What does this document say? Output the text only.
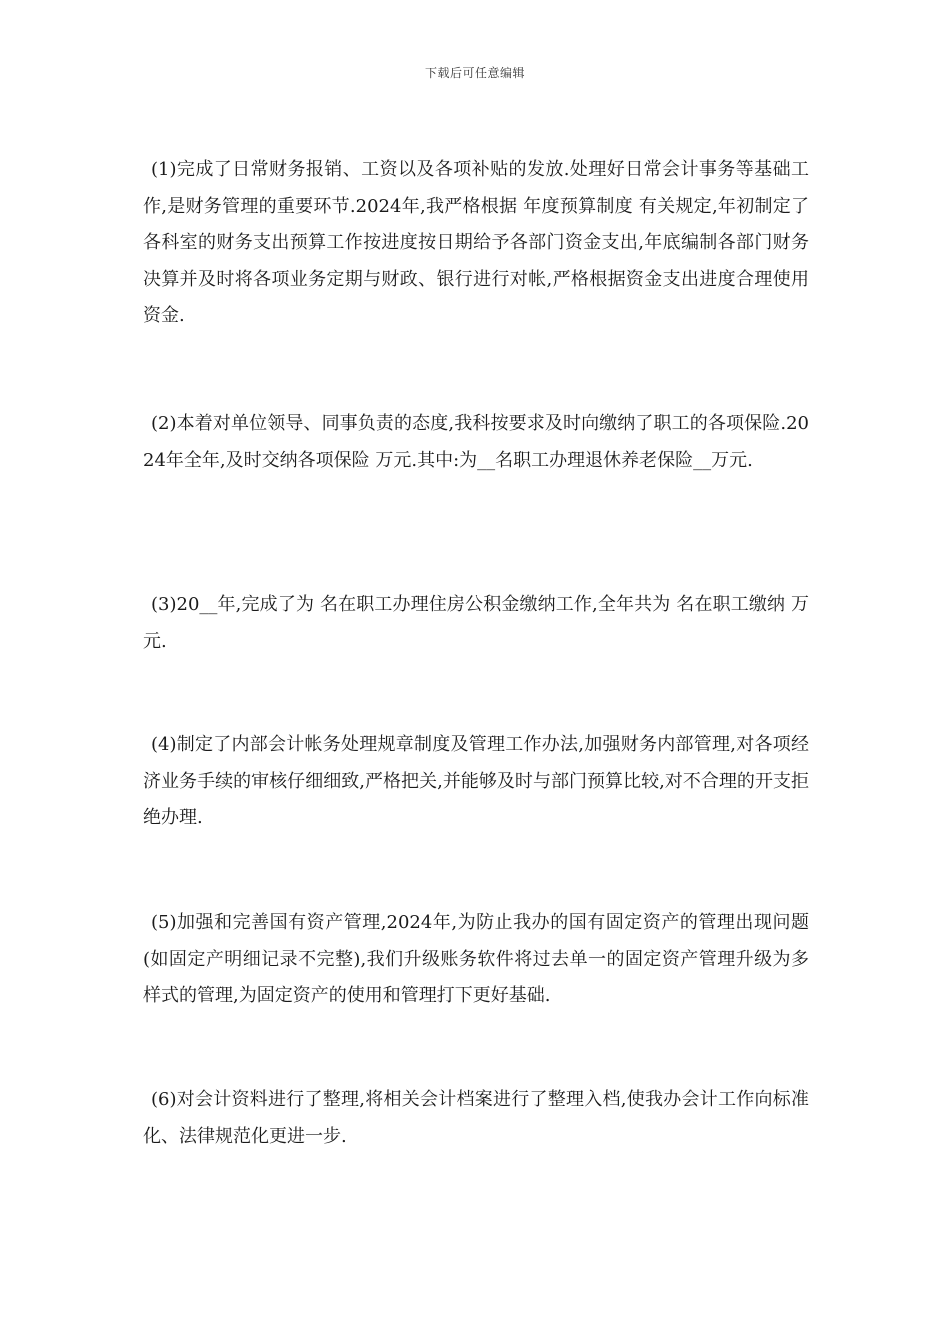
下载后可任意编辑

(1)完成了日常财务报销、工资以及各项补贴的发放.处理好日常会计事务等基础工作,是财务管理的重要环节.2024年,我严格根据 年度预算制度 有关规定,年初制定了各科室的财务支出预算工作按进度按日期给予各部门资金支出,年底编制各部门财务决算并及时将各项业务定期与财政、银行进行对帐,严格根据资金支出进度合理使用资金.

(2)本着对单位领导、同事负责的态度,我科按要求及时向缴纳了职工的各项保险.2024年全年,及时交纳各项保险 万元.其中:为__名职工办理退休养老保险__万元.

(3)20__年,完成了为 名在职工办理住房公积金缴纳工作,全年共为 名在职工缴纳 万元.

(4)制定了内部会计帐务处理规章制度及管理工作办法,加强财务内部管理,对各项经济业务手续的审核仔细细致,严格把关,并能够及时与部门预算比较,对不合理的开支拒绝办理.

(5)加强和完善国有资产管理,2024年,为防止我办的国有固定资产的管理出现问题(如固定产明细记录不完整),我们升级账务软件将过去单一的固定资产管理升级为多样式的管理,为固定资产的使用和管理打下更好基础.

(6)对会计资料进行了整理,将相关会计档案进行了整理入档,使我办会计工作向标准化、法律规范化更进一步.
